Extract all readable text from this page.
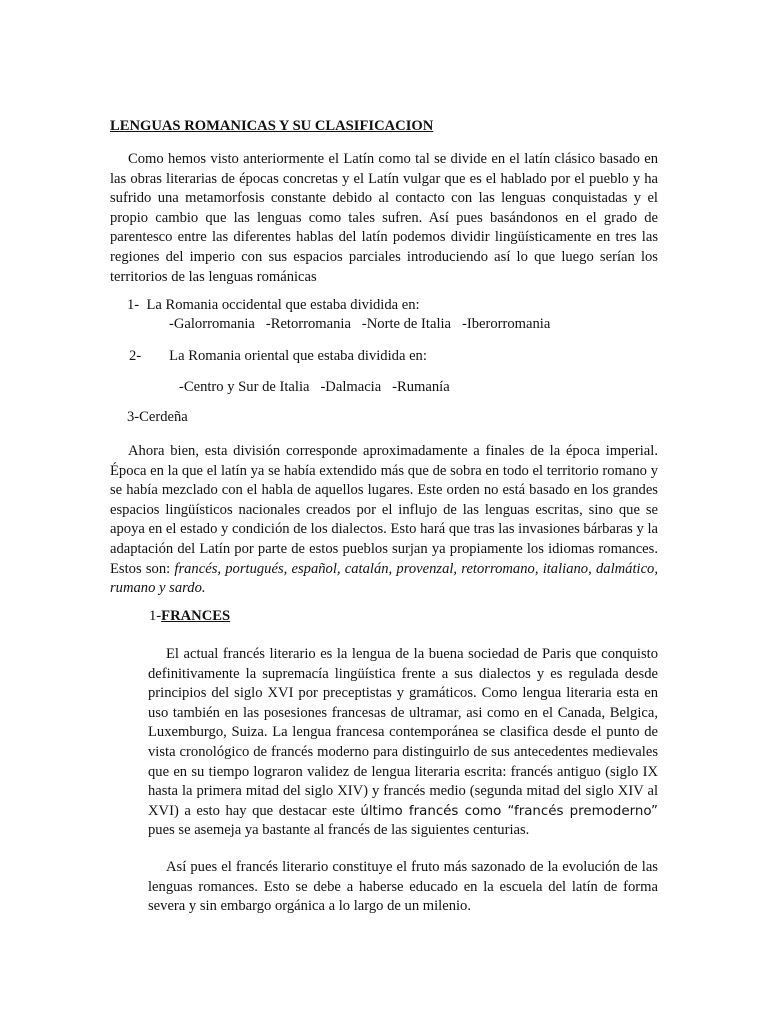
LENGUAS ROMANICAS Y SU CLASIFICACION

Como hemos visto anteriormente el Latín como tal se divide en el latín clásico basado en las obras literarias de épocas concretas y el Latín vulgar que es el hablado por el pueblo y ha sufrido una metamorfosis constante debido al contacto con las lenguas conquistadas y el propio cambio que las lenguas como tales sufren. Así pues basándonos en el grado de parentesco entre las diferentes hablas del latín podemos dividir lingüísticamente en tres las regiones del imperio con sus espacios parciales introduciendo así lo que luego serían los territorios de las lenguas románicas

1- La Romania occidental que estaba dividida en:
-Galorromania   -Retorromania   -Norte de Italia   -Iberorromania
2- La Romania oriental que estaba dividida en:
-Centro y Sur de Italia   -Dalmacia   -Rumanía
3-Cerdeña

Ahora bien, esta división corresponde aproximadamente a finales de la época imperial. Época en la que el latín ya se había extendido más que de sobra en todo el territorio romano y se había mezclado con el habla de aquellos lugares. Este orden no está basado en los grandes espacios lingüísticos nacionales creados por el influjo de las lenguas escritas, sino que se apoya en el estado y condición de los dialectos. Esto hará que tras las invasiones bárbaras y la adaptación del Latín por parte de estos pueblos surjan ya propiamente los idiomas romances. Estos son: francés, portugués, español, catalán, provenzal, retorromano, italiano, dalmático, rumano y sardo.

1-FRANCES

El actual francés literario es la lengua de la buena sociedad de Paris que conquisto definitivamente la supremacía lingüística frente a sus dialectos y es regulada desde principios del siglo XVI por preceptistas y gramáticos. Como lengua literaria esta en uso también en las posesiones francesas de ultramar, asi como en el Canada, Belgica, Luxemburgo, Suiza. La lengua francesa contemporánea se clasifica desde el punto de vista cronológico de francés moderno para distinguirlo de sus antecedentes medievales que en su tiempo lograron validez de lengua literaria escrita: francés antiguo (siglo IX hasta la primera mitad del siglo XIV) y francés medio (segunda mitad del siglo XIV al XVI) a esto hay que destacar este último francés como “francés premoderno” pues se asemeja ya bastante al francés de las siguientes centurias.

Así pues el francés literario constituye el fruto más sazonado de la evolución de las lenguas romances. Esto se debe a haberse educado en la escuela del latín de forma severa y sin embargo orgánica a lo largo de un milenio.
